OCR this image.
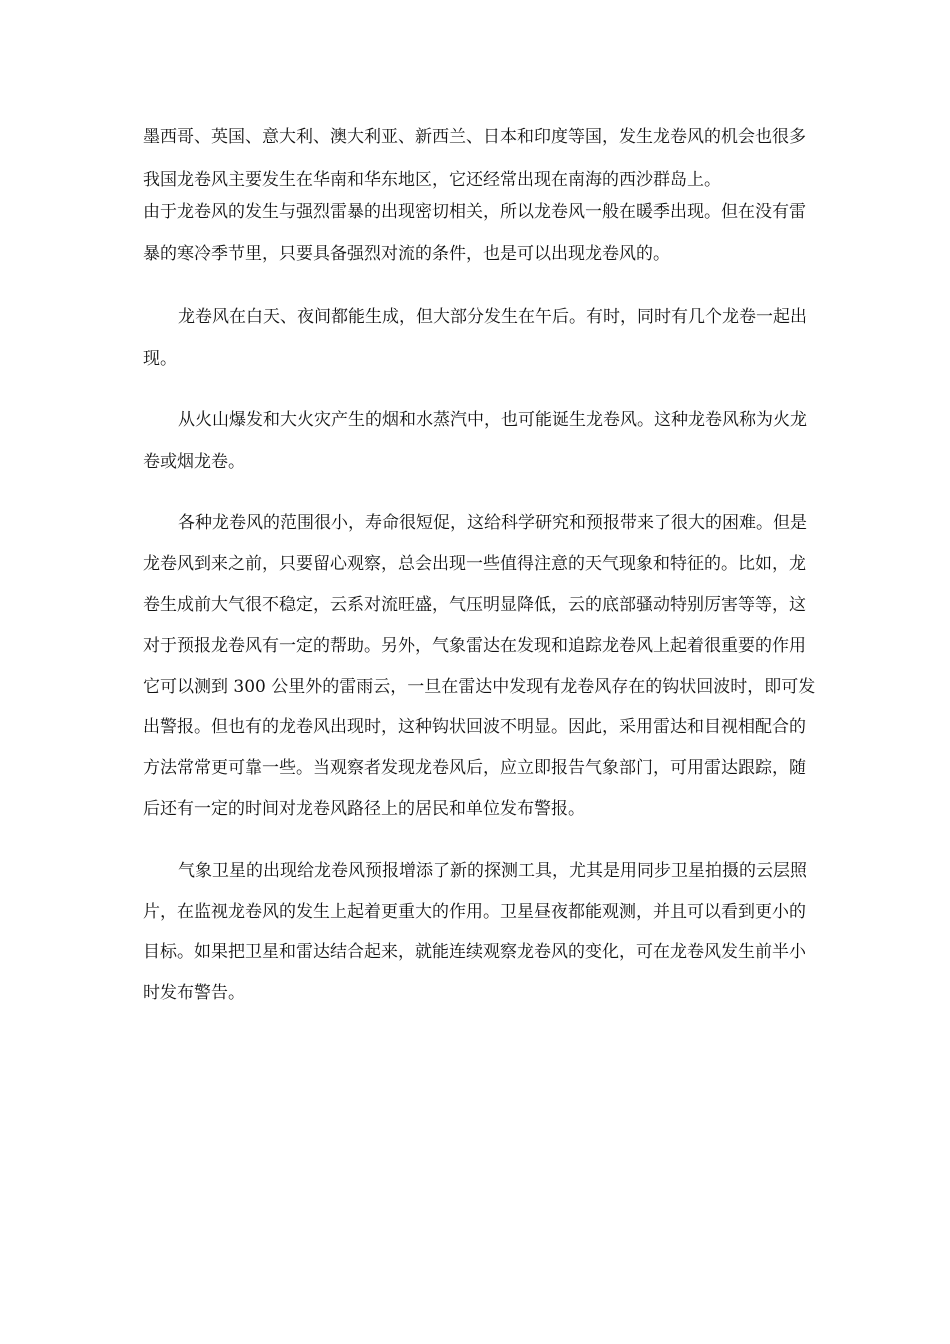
墨西哥、英国、意大利、澳大利亚、新西兰、日本和印度等国，发生龙卷风的机会也很多
我国龙卷风主要发生在华南和华东地区，它还经常出现在南海的西沙群岛上。
由于龙卷风的发生与强烈雷暴的出现密切相关，所以龙卷风一般在暖季出现。但在没有雷
暴的寒冷季节里，只要具备强烈对流的条件，也是可以出现龙卷风的。
龙卷风在白天、夜间都能生成，但大部分发生在午后。有时，同时有几个龙卷一起出
现。
从火山爆发和大火灾产生的烟和水蒸汽中，也可能诞生龙卷风。这种龙卷风称为火龙
卷或烟龙卷。
各种龙卷风的范围很小，寿命很短促，这给科学研究和预报带来了很大的困难。但是
龙卷风到来之前，只要留心观察，总会出现一些值得注意的天气现象和特征的。比如，龙
卷生成前大气很不稳定，云系对流旺盛，气压明显降低，云的底部骚动特别厉害等等，这
对于预报龙卷风有一定的帮助。另外，气象雷达在发现和追踪龙卷风上起着很重要的作用
它可以测到 300 公里外的雷雨云，一旦在雷达中发现有龙卷风存在的钩状回波时，即可发
出警报。但也有的龙卷风出现时，这种钩状回波不明显。因此，采用雷达和目视相配合的
方法常常更可靠一些。当观察者发现龙卷风后，应立即报告气象部门，可用雷达跟踪，随
后还有一定的时间对龙卷风路径上的居民和单位发布警报。
气象卫星的出现给龙卷风预报增添了新的探测工具，尤其是用同步卫星拍摄的云层照
片，在监视龙卷风的发生上起着更重大的作用。卫星昼夜都能观测，并且可以看到更小的
目标。如果把卫星和雷达结合起来，就能连续观察龙卷风的变化，可在龙卷风发生前半小
时发布警告。
